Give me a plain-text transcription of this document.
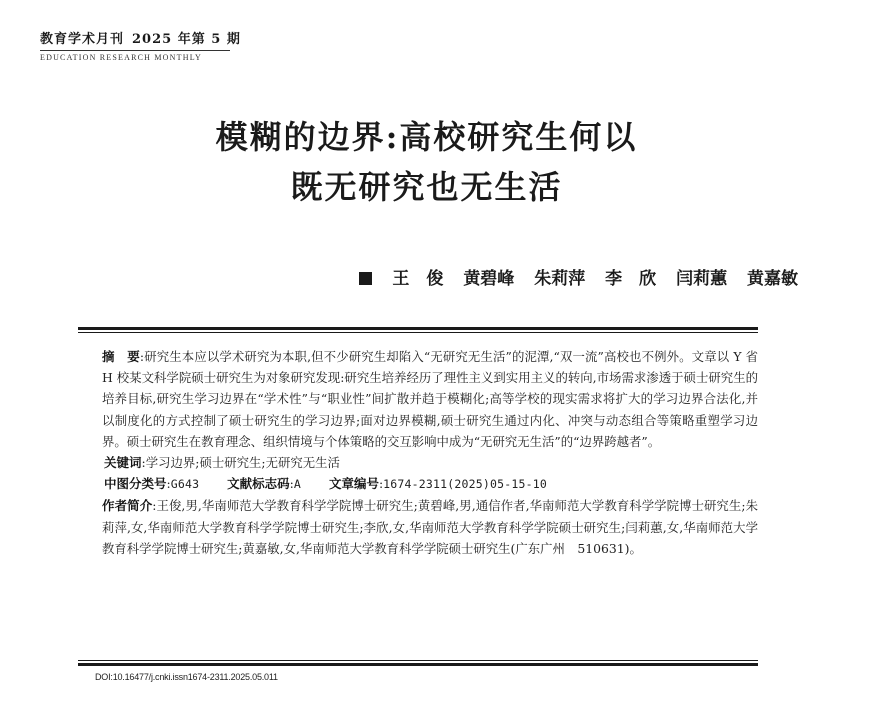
教育学术月刊 2025 年第 5 期
EDUCATION RESEARCH MONTHLY
模糊的边界:高校研究生何以
既无研究也无生活
王　俊 黄碧峰 朱莉萍 李　欣 闫莉蕙 黄嘉敏

摘　要:研究生本应以学术研究为本职,但不少研究生却陷入“无研究无生活”的泥潭,“双一流”高校也不例外。文章以 Y 省 H 校某文科学院硕士研究生为对象研究发现:研究生培养经历了理性主义到实用主义的转向,市场需求渗透于硕士研究生的培养目标,研究生学习边界在“学术性”与“职业性”间扩散并趋于模糊化;高等学校的现实需求将扩大的学习边界合法化,并以制度化的方式控制了硕士研究生的学习边界;面对边界模糊,硕士研究生通过内化、冲突与动态组合等策略重塑学习边界。硕士研究生在教育理念、组织情境与个体策略的交互影响中成为“无研究无生活”的“边界跨越者”。

关键词:学习边界;硕士研究生;无研究无生活

中图分类号:G643 文献标志码:A 文章编号:1674-2311(2025)05-15-10

作者简介:王俊,男,华南师范大学教育科学学院博士研究生;黄碧峰,男,通信作者,华南师范大学教育科学学院博士研究生;朱莉萍,女,华南师范大学教育科学学院博士研究生;李欣,女,华南师范大学教育科学学院硕士研究生;闫莉蕙,女,华南师范大学教育科学学院博士研究生;黄嘉敏,女,华南师范大学教育科学学院硕士研究生(广东广州　510631)。

DOI:10.16477/j.cnki.issn1674-2311.2025.05.011
